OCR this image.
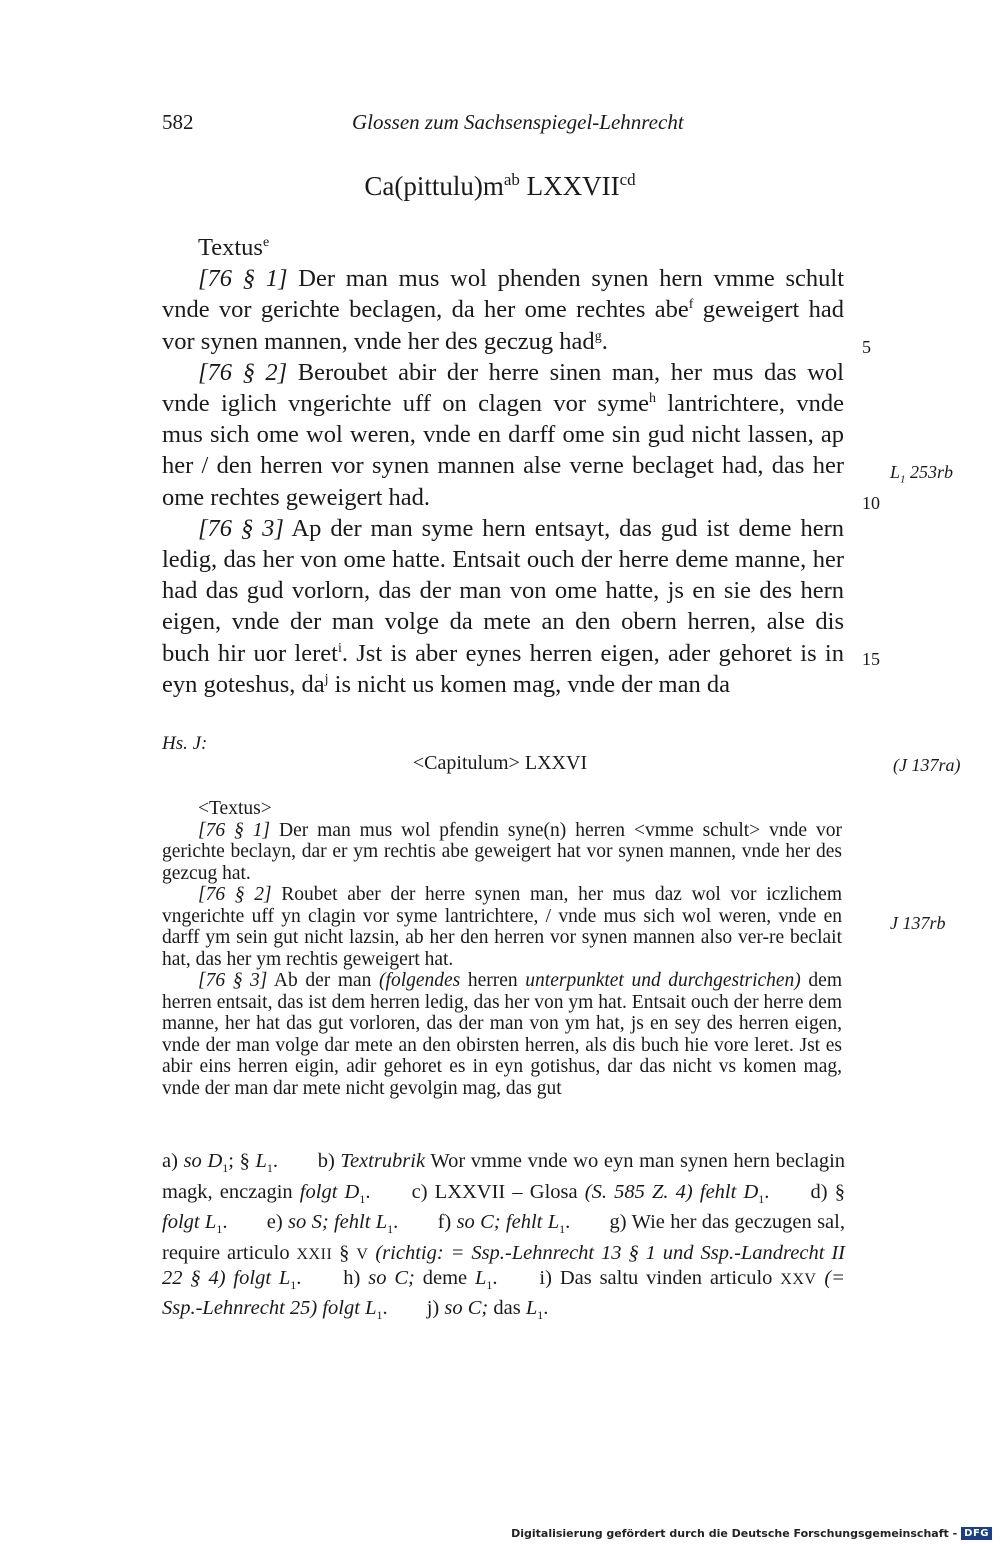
582	Glossen zum Sachsenspiegel-Lehnrecht
$Ca(pittulu)m^{ab}$ $LXXVII^{cd}$

Textus$^e$

[76 § 1] Der man mus wol phenden synen hern vmme schult vnde vor gerichte beclagen, da her ome rechtes abe$^f$ geweigert had vor synen mannen, vnde her des geczug had$^g$.

[76 § 2] Beroubet abir der herre sinen man, her mus das wol vnde iglich vngerichte uff on clagen vor syme$^h$ lantrichtere, vnde mus sich ome wol weren, vnde en darff ome sin gud nicht lassen, ap her / den herren vor synen mannen alse verne beclaget had, das her ome rechtes geweigert had.

[76 § 3] Ap der man syme hern entsayt, das gud ist deme hern ledig, das her von ome hatte. Entsait ouch der herre deme manne, her had das gud vorlorn, das der man von ome hatte, js en sie des hern eigen, vnde der man volge da mete an den obern herren, alse dis buch hir uor leret$^i$. Jst is aber eynes herren eigen, ader gehoret is in eyn goteshus, $da^j$ is nicht us komen mag, vnde der man da

5
10
15
$L_1$ 253rb
Hs. J:
<Capitulum> LXXVI	(J 137ra)

<Textus>

[76 § 1] Der man mus wol pfendin syne(n) herren <vmme schult> vnde vor gerichte beclayn, dar er ym rechtis abe geweigert hat vor synen mannen, vnde her des gezcug hat.

[76 § 2] Roubet aber der herre synen man, her mus daz wol vor iczlichem vngerichte uff yn clagin vor syme lantrichtere, / vnde mus sich wol weren, vnde en darff ym sein gut nicht lazsin, ab her den herren vor synen mannen also ver-re beclait hat, das her ym rechtis geweigert hat.

[76 § 3] Ab der man (folgendes herren unterpunktet und durchgestrichen) dem herren entsait, das ist dem herren ledig, das her von ym hat. Entsait ouch der herre dem manne, her hat das gut vorloren, das der man von ym hat, js en sey des herren eigen, vnde der man volge dar mete an den obirsten herren, als dis buch hie vore leret. Jst es abir eins herren eigin, adir gehoret es in eyn gotishus, dar das nicht vs komen mag, vnde der man dar mete nicht gevolgin mag, das gut

J 137rb

a) so $D_1$; § $L_1$. b) Textrubrik Wor vmme vnde wo eyn man synen hern beclagin magk, enczagin folgt $D_1$. c) LXXVII – Glosa (S. 585 Z. 4) fehlt $D_1$. d) § folgt $L_1$. e) so S; fehlt $L_1$. f) so C; fehlt $L_1$. g) Wie her das geczugen sal, require articulo XXII § V (richtig: = Ssp.-Lehnrecht 13 § 1 und Ssp.-Landrecht II 22 § 4) folgt $L_1$. h) so C; deme $L_1$. i) Das saltu vinden articulo XXV (= Ssp.-Lehnrecht 25) folgt $L_1$. j) so C; das $L_1$.

Digitalisierung gefördert durch die Deutsche Forschungsgemeinschaft - DFG
